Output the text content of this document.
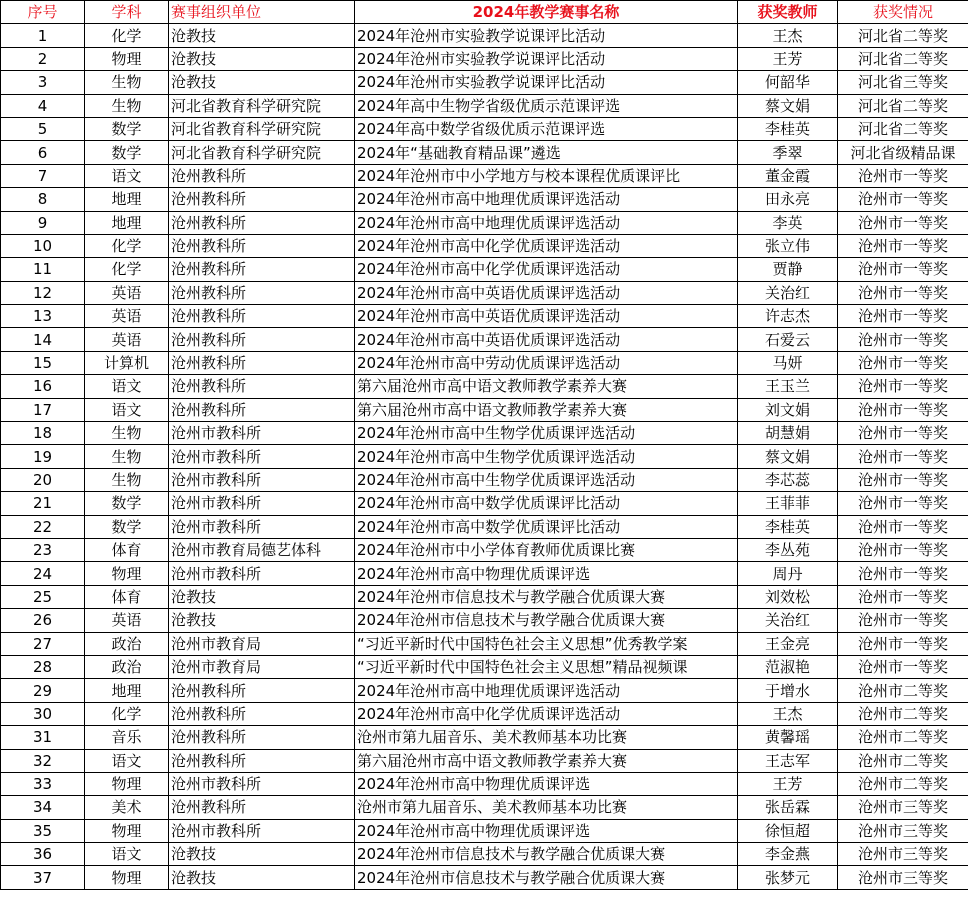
序号	学科	赛事组织单位	2024年教学赛事名称	获奖教师	获奖情况
1	化学	沧教技	2024年沧州市实验教学说课评比活动	王杰	河北省二等奖
2	物理	沧教技	2024年沧州市实验教学说课评比活动	王芳	河北省二等奖
3	生物	沧教技	2024年沧州市实验教学说课评比活动	何韶华	河北省三等奖
4	生物	河北省教育科学研究院	2024年高中生物学省级优质示范课评选	蔡文娟	河北省二等奖
5	数学	河北省教育科学研究院	2024年高中数学省级优质示范课评选	李桂英	河北省二等奖
6	数学	河北省教育科学研究院	2024年“基础教育精品课”遴选	季翠	河北省级精品课
7	语文	沧州教科所	2024年沧州市中小学地方与校本课程优质课评比	董金霞	沧州市一等奖
8	地理	沧州教科所	2024年沧州市高中地理优质课评选活动	田永亮	沧州市一等奖
9	地理	沧州教科所	2024年沧州市高中地理优质课评选活动	李英	沧州市一等奖
10	化学	沧州教科所	2024年沧州市高中化学优质课评选活动	张立伟	沧州市一等奖
11	化学	沧州教科所	2024年沧州市高中化学优质课评选活动	贾静	沧州市一等奖
12	英语	沧州教科所	2024年沧州市高中英语优质课评选活动	关治红	沧州市一等奖
13	英语	沧州教科所	2024年沧州市高中英语优质课评选活动	许志杰	沧州市一等奖
14	英语	沧州教科所	2024年沧州市高中英语优质课评选活动	石爱云	沧州市一等奖
15	计算机	沧州教科所	2024年沧州市高中劳动优质课评选活动	马妍	沧州市一等奖
16	语文	沧州教科所	第六届沧州市高中语文教师教学素养大赛	王玉兰	沧州市一等奖
17	语文	沧州教科所	第六届沧州市高中语文教师教学素养大赛	刘文娟	沧州市一等奖
18	生物	沧州市教科所	2024年沧州市高中生物学优质课评选活动	胡慧娟	沧州市一等奖
19	生物	沧州市教科所	2024年沧州市高中生物学优质课评选活动	蔡文娟	沧州市一等奖
20	生物	沧州市教科所	2024年沧州市高中生物学优质课评选活动	李芯蕊	沧州市一等奖
21	数学	沧州市教科所	2024年沧州市高中数学优质课评比活动	王菲菲	沧州市一等奖
22	数学	沧州市教科所	2024年沧州市高中数学优质课评比活动	李桂英	沧州市一等奖
23	体育	沧州市教育局德艺体科	2024年沧州市中小学体育教师优质课比赛	李丛苑	沧州市一等奖
24	物理	沧州市教科所	2024年沧州市高中物理优质课评选	周丹	沧州市一等奖
25	体育	沧教技	2024年沧州市信息技术与教学融合优质课大赛	刘效松	沧州市一等奖
26	英语	沧教技	2024年沧州市信息技术与教学融合优质课大赛	关治红	沧州市一等奖
27	政治	沧州市教育局	“习近平新时代中国特色社会主义思想”优秀教学案	王金亮	沧州市一等奖
28	政治	沧州市教育局	“习近平新时代中国特色社会主义思想”精品视频课	范淑艳	沧州市一等奖
29	地理	沧州教科所	2024年沧州市高中地理优质课评选活动	于增水	沧州市二等奖
30	化学	沧州教科所	2024年沧州市高中化学优质课评选活动	王杰	沧州市二等奖
31	音乐	沧州教科所	沧州市第九届音乐、美术教师基本功比赛	黄馨瑶	沧州市二等奖
32	语文	沧州教科所	第六届沧州市高中语文教师教学素养大赛	王志军	沧州市二等奖
33	物理	沧州市教科所	2024年沧州市高中物理优质课评选	王芳	沧州市二等奖
34	美术	沧州教科所	沧州市第九届音乐、美术教师基本功比赛	张岳霖	沧州市三等奖
35	物理	沧州市教科所	2024年沧州市高中物理优质课评选	徐恒超	沧州市三等奖
36	语文	沧教技	2024年沧州市信息技术与教学融合优质课大赛	李金燕	沧州市三等奖
37	物理	沧教技	2024年沧州市信息技术与教学融合优质课大赛	张梦元	沧州市三等奖
